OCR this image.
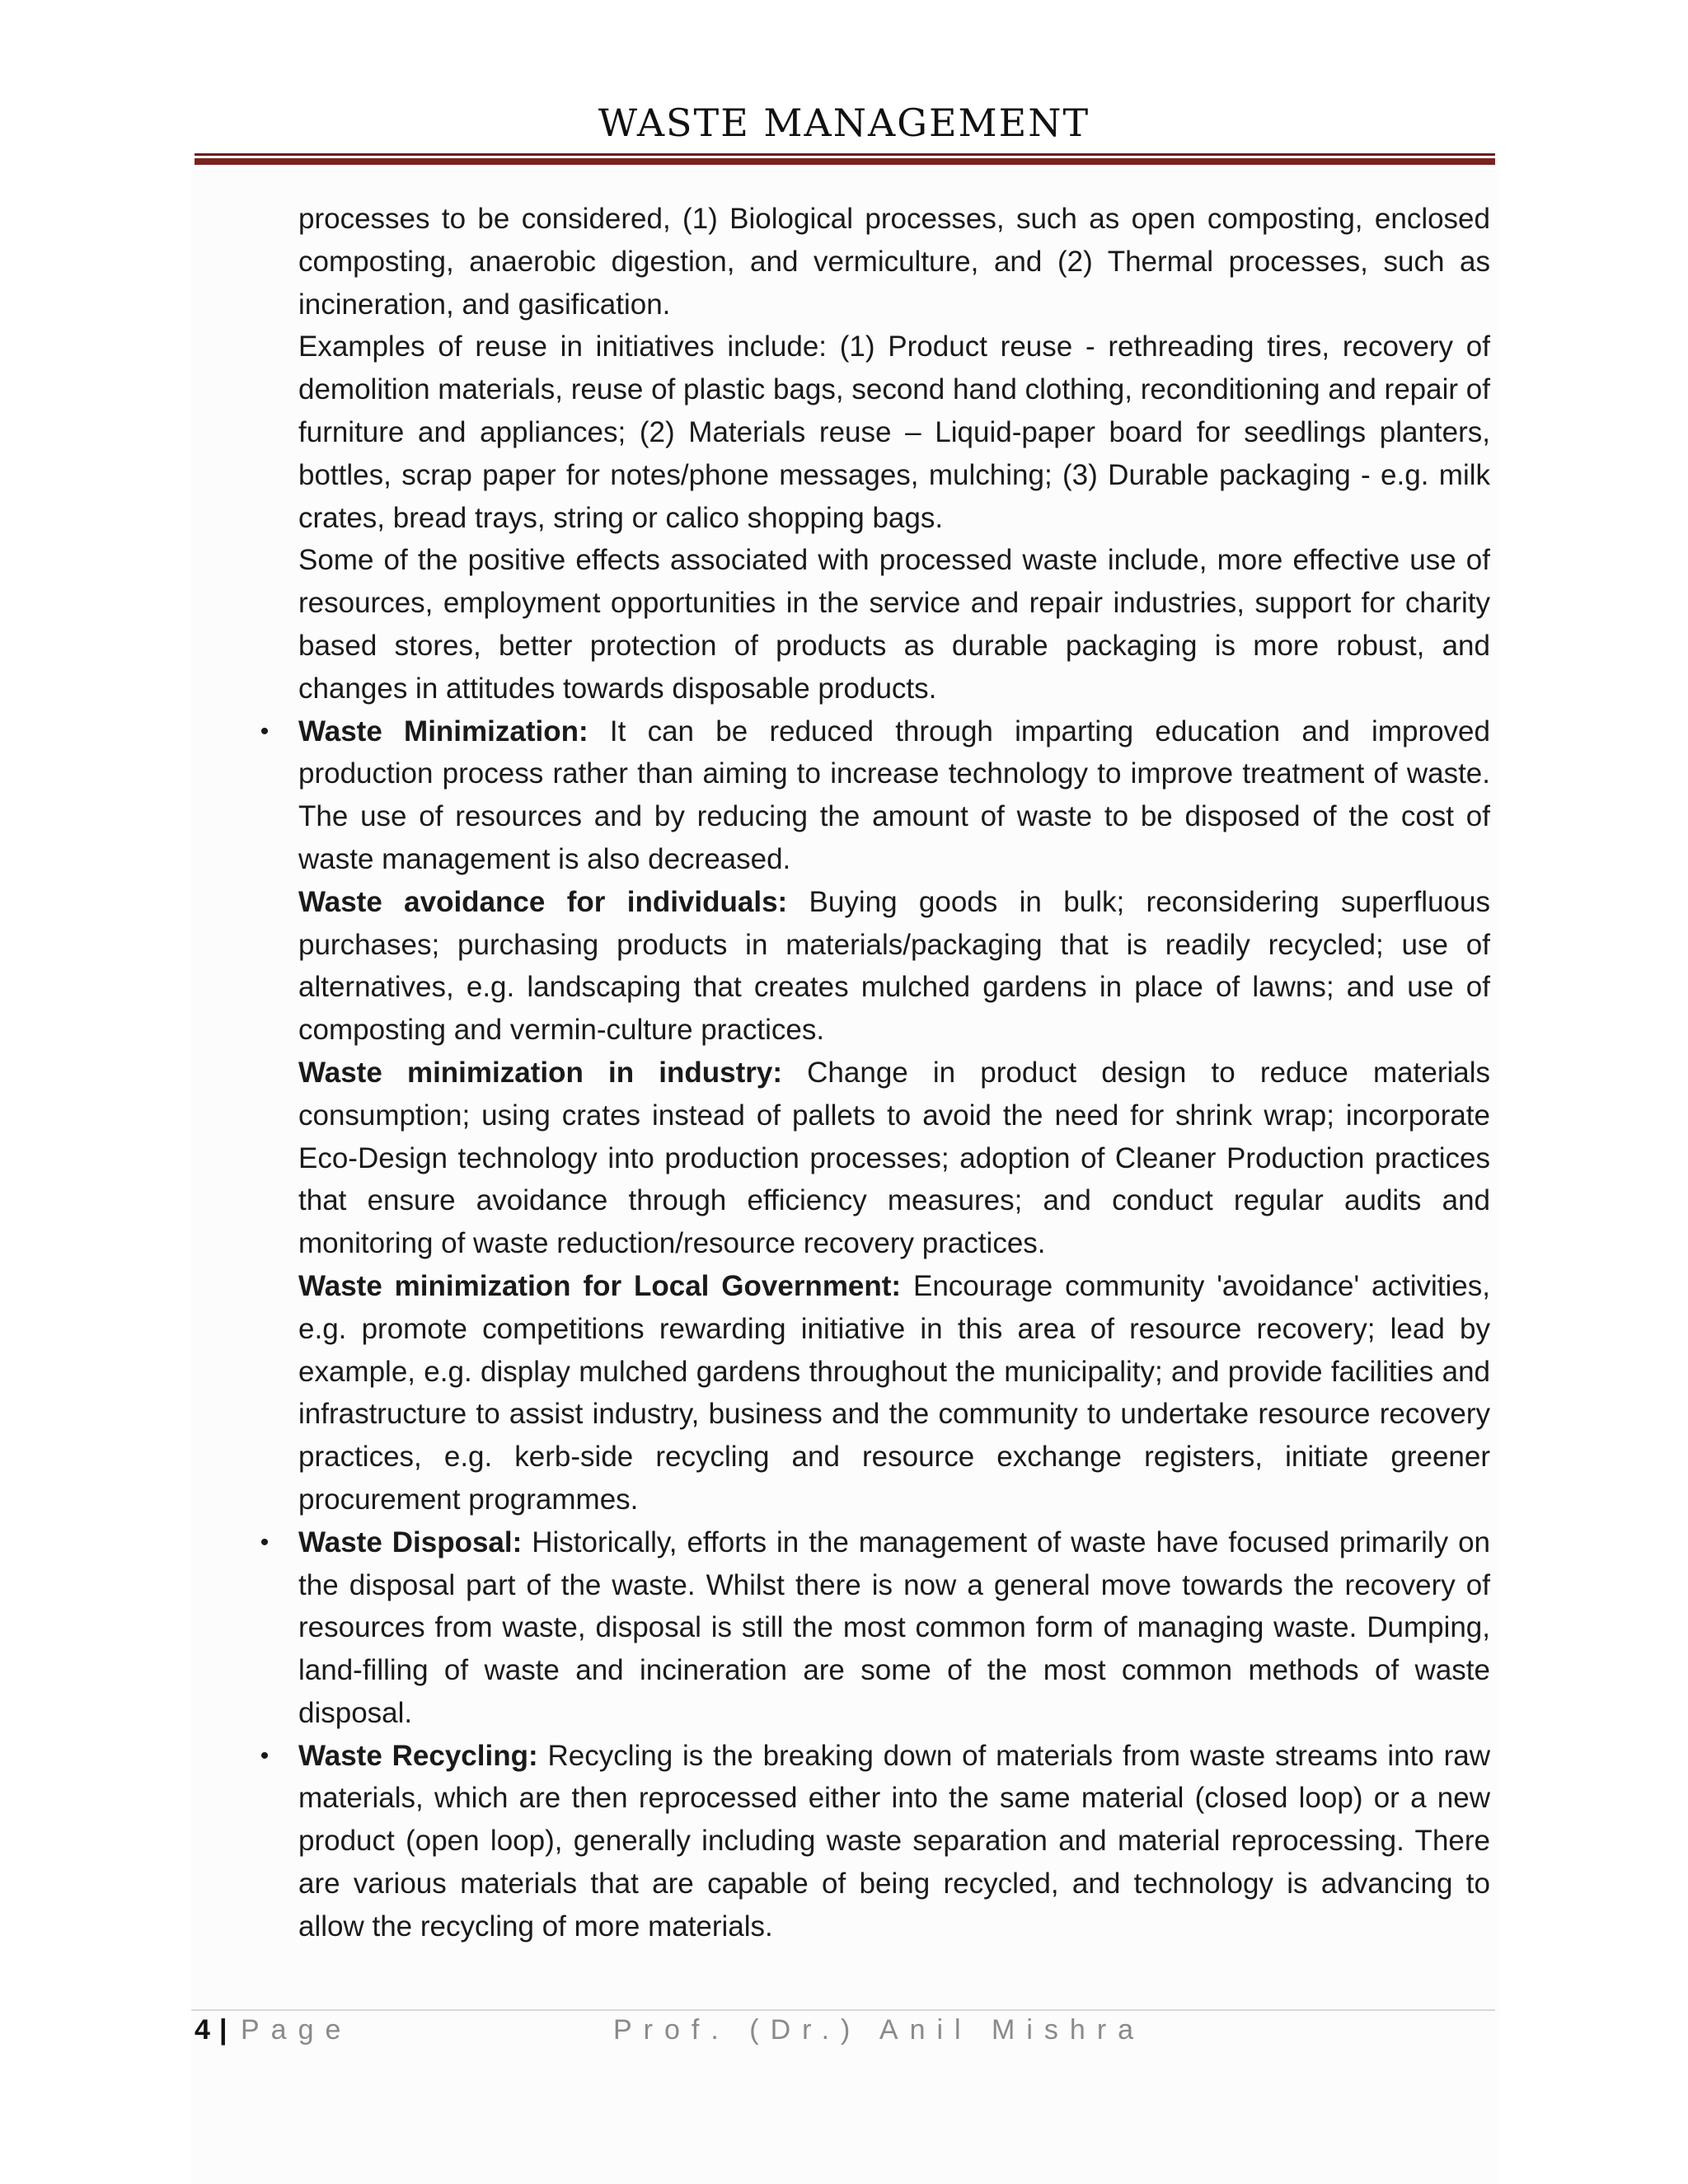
WASTE MANAGEMENT

processes to be considered, (1) Biological processes, such as open composting, enclosed composting, anaerobic digestion, and vermiculture, and (2) Thermal processes, such as incineration, and gasification.

Examples of reuse in initiatives include: (1) Product reuse - rethreading tires, recovery of demolition materials, reuse of plastic bags, second hand clothing, reconditioning and repair of furniture and appliances; (2) Materials reuse – Liquid-paper board for seedlings planters, bottles, scrap paper for notes/phone messages, mulching; (3) Durable packaging - e.g. milk crates, bread trays, string or calico shopping bags.

Some of the positive effects associated with processed waste include, more effective use of resources, employment opportunities in the service and repair industries, support for charity based stores, better protection of products as durable packaging is more robust, and changes in attitudes towards disposable products.

• Waste Minimization: It can be reduced through imparting education and improved production process rather than aiming to increase technology to improve treatment of waste. The use of resources and by reducing the amount of waste to be disposed of the cost of waste management is also decreased.

Waste avoidance for individuals: Buying goods in bulk; reconsidering superfluous purchases; purchasing products in materials/packaging that is readily recycled; use of alternatives, e.g. landscaping that creates mulched gardens in place of lawns; and use of composting and vermin-culture practices.

Waste minimization in industry: Change in product design to reduce materials consumption; using crates instead of pallets to avoid the need for shrink wrap; incorporate Eco-Design technology into production processes; adoption of Cleaner Production practices that ensure avoidance through efficiency measures; and conduct regular audits and monitoring of waste reduction/resource recovery practices.

Waste minimization for Local Government: Encourage community 'avoidance' activities, e.g. promote competitions rewarding initiative in this area of resource recovery; lead by example, e.g. display mulched gardens throughout the municipality; and provide facilities and infrastructure to assist industry, business and the community to undertake resource recovery practices, e.g. kerb-side recycling and resource exchange registers, initiate greener procurement programmes.

• Waste Disposal: Historically, efforts in the management of waste have focused primarily on the disposal part of the waste. Whilst there is now a general move towards the recovery of resources from waste, disposal is still the most common form of managing waste. Dumping, land-filling of waste and incineration are some of the most common methods of waste disposal.

• Waste Recycling: Recycling is the breaking down of materials from waste streams into raw materials, which are then reprocessed either into the same material (closed loop) or a new product (open loop), generally including waste separation and material reprocessing. There are various materials that are capable of being recycled, and technology is advancing to allow the recycling of more materials.

4 | Page	Prof. (Dr.) Anil Mishra
